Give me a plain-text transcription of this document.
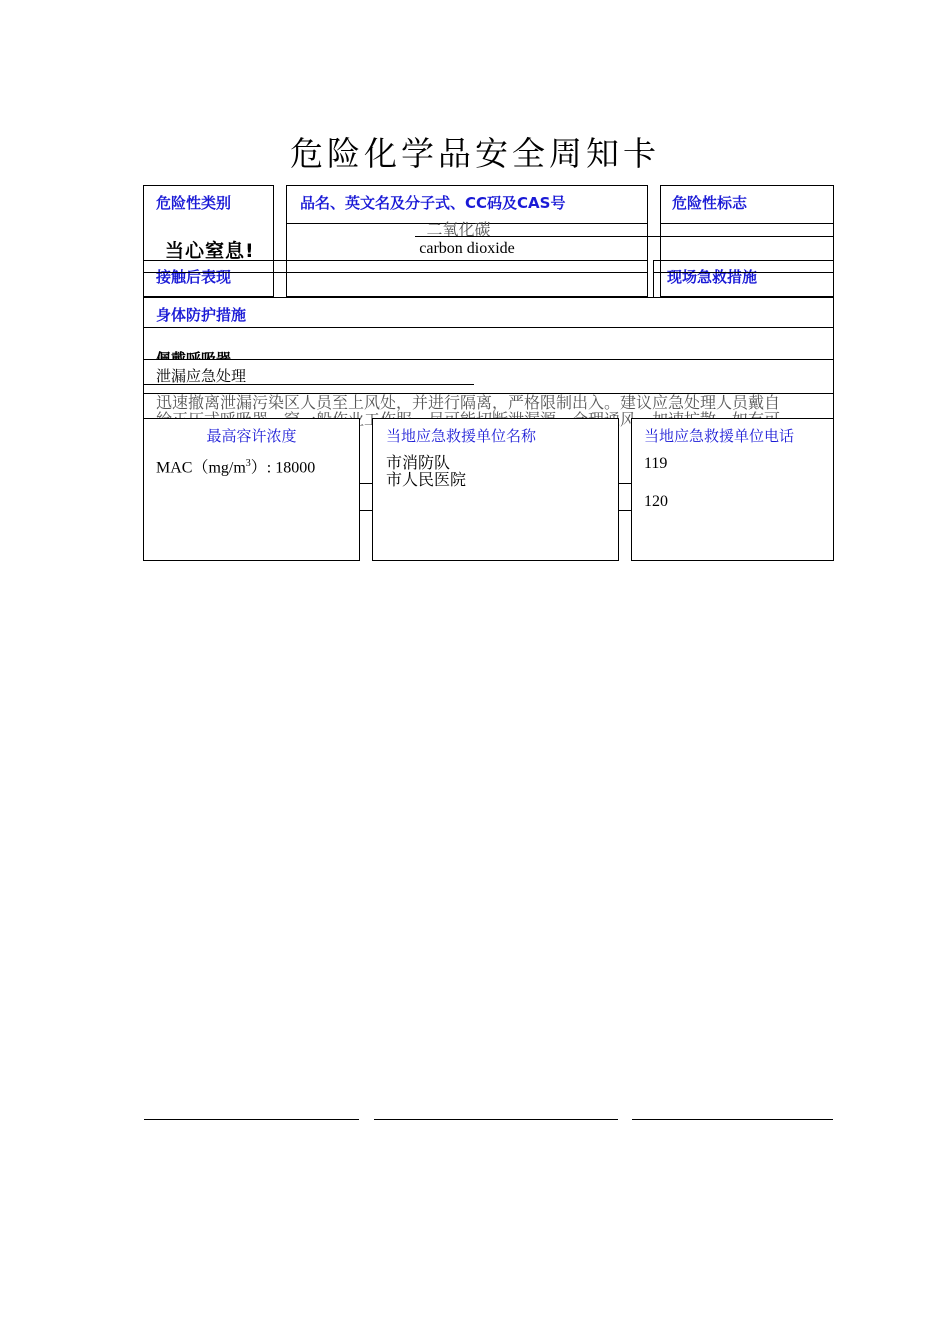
危险化学品安全周知卡
危险性类别
当心窒息!
品名、英文名及分子式、CC码及CAS号
二氧化碳
carbon dioxide
危险性标志
接触后表现	现场急救措施
身体防护措施
泄漏应急处理
迅速撤离泄漏污染区人员至上风处，并进行隔离，严格限制出入。建议应急处理人员戴自
最高容许浓度
$MAC(mg/m^3)$: 18000
当地应急救援单位名称
市消防队
市人民医院
当地应急救援单位电话
119
120
